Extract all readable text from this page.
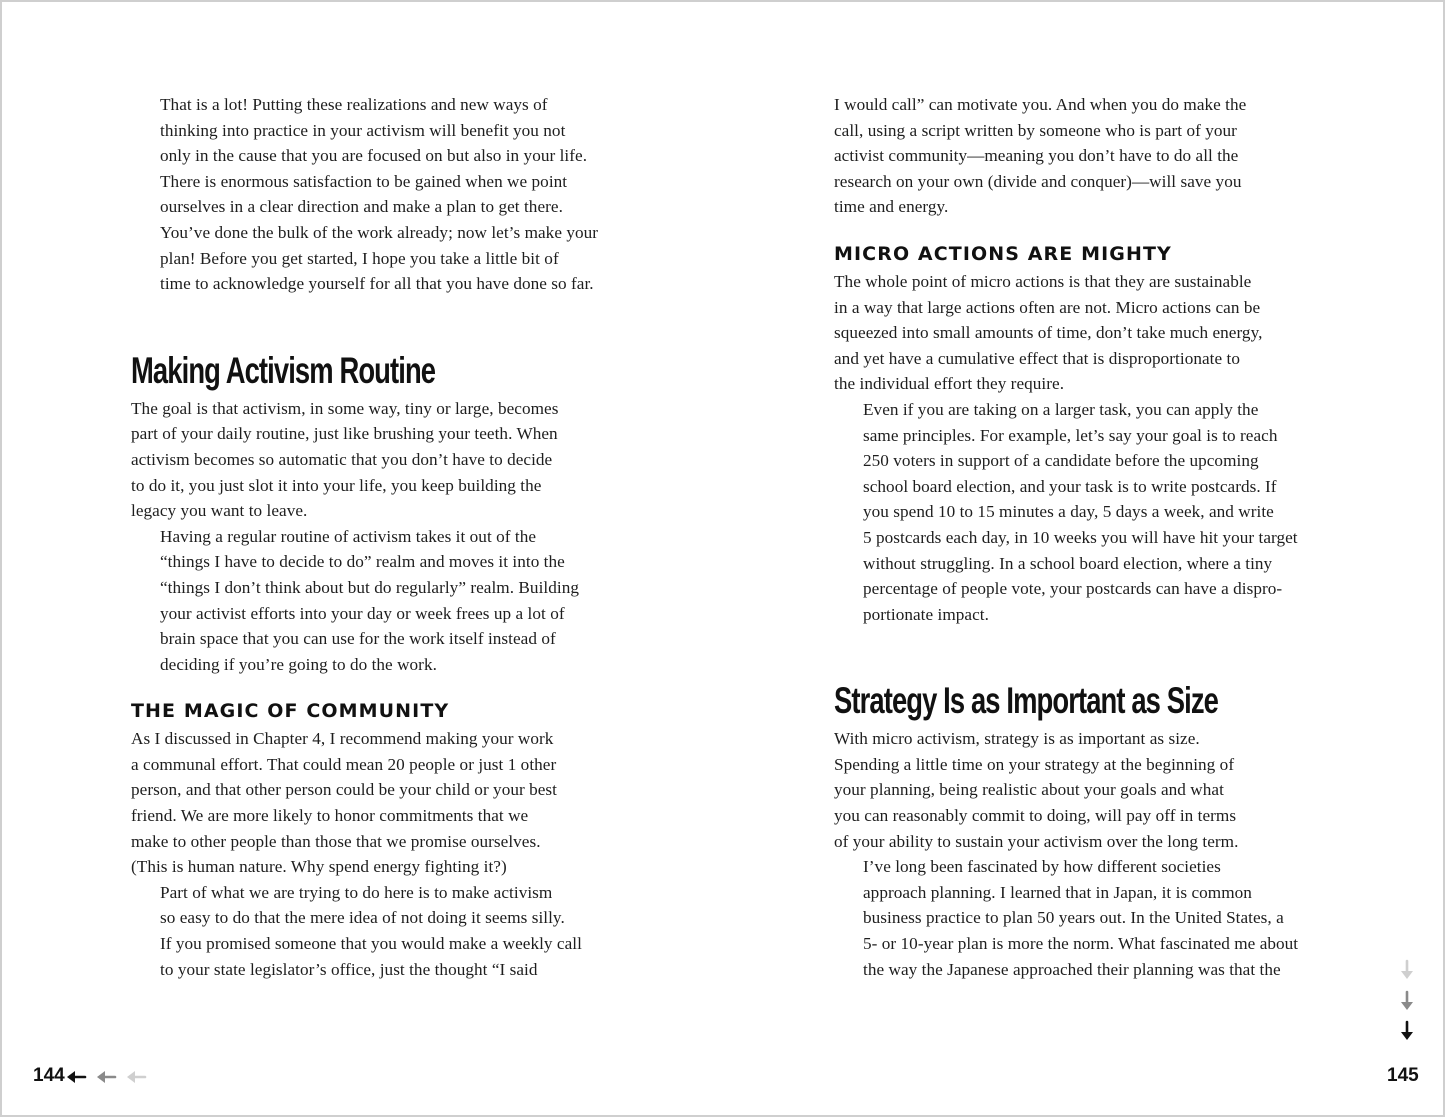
That is a lot! Putting these realizations and new ways of
thinking into practice in your activism will benefit you not
only in the cause that you are focused on but also in your life.
There is enormous satisfaction to be gained when we point
ourselves in a clear direction and make a plan to get there.
You’ve done the bulk of the work already; now let’s make your
plan! Before you get started, I hope you take a little bit of
time to acknowledge yourself for all that you have done so far.
Making Activism Routine
The goal is that activism, in some way, tiny or large, becomes
part of your daily routine, just like brushing your teeth. When
activism becomes so automatic that you don’t have to decide
to do it, you just slot it into your life, you keep building the
legacy you want to leave.
Having a regular routine of activism takes it out of the
“things I have to decide to do” realm and moves it into the
“things I don’t think about but do regularly” realm. Building
your activist efforts into your day or week frees up a lot of
brain space that you can use for the work itself instead of
deciding if you’re going to do the work.
THE MAGIC OF COMMUNITY
As I discussed in Chapter 4, I recommend making your work
a communal effort. That could mean 20 people or just 1 other
person, and that other person could be your child or your best
friend. We are more likely to honor commitments that we
make to other people than those that we promise ourselves.
(This is human nature. Why spend energy fighting it?)
Part of what we are trying to do here is to make activism
so easy to do that the mere idea of not doing it seems silly.
If you promised someone that you would make a weekly call
to your state legislator’s office, just the thought “I said
I would call” can motivate you. And when you do make the
call, using a script written by someone who is part of your
activist community—meaning you don’t have to do all the
research on your own (divide and conquer)—will save you
time and energy.
MICRO ACTIONS ARE MIGHTY
The whole point of micro actions is that they are sustainable
in a way that large actions often are not. Micro actions can be
squeezed into small amounts of time, don’t take much energy,
and yet have a cumulative effect that is disproportionate to
the individual effort they require.
Even if you are taking on a larger task, you can apply the
same principles. For example, let’s say your goal is to reach
250 voters in support of a candidate before the upcoming
school board election, and your task is to write postcards. If
you spend 10 to 15 minutes a day, 5 days a week, and write
5 postcards each day, in 10 weeks you will have hit your target
without struggling. In a school board election, where a tiny
percentage of people vote, your postcards can have a dispro-
portionate impact.
Strategy Is as Important as Size
With micro activism, strategy is as important as size.
Spending a little time on your strategy at the beginning of
your planning, being realistic about your goals and what
you can reasonably commit to doing, will pay off in terms
of your ability to sustain your activism over the long term.
I’ve long been fascinated by how different societies
approach planning. I learned that in Japan, it is common
business practice to plan 50 years out. In the United States, a
5- or 10-year plan is more the norm. What fascinated me about
the way the Japanese approached their planning was that the
144	145
